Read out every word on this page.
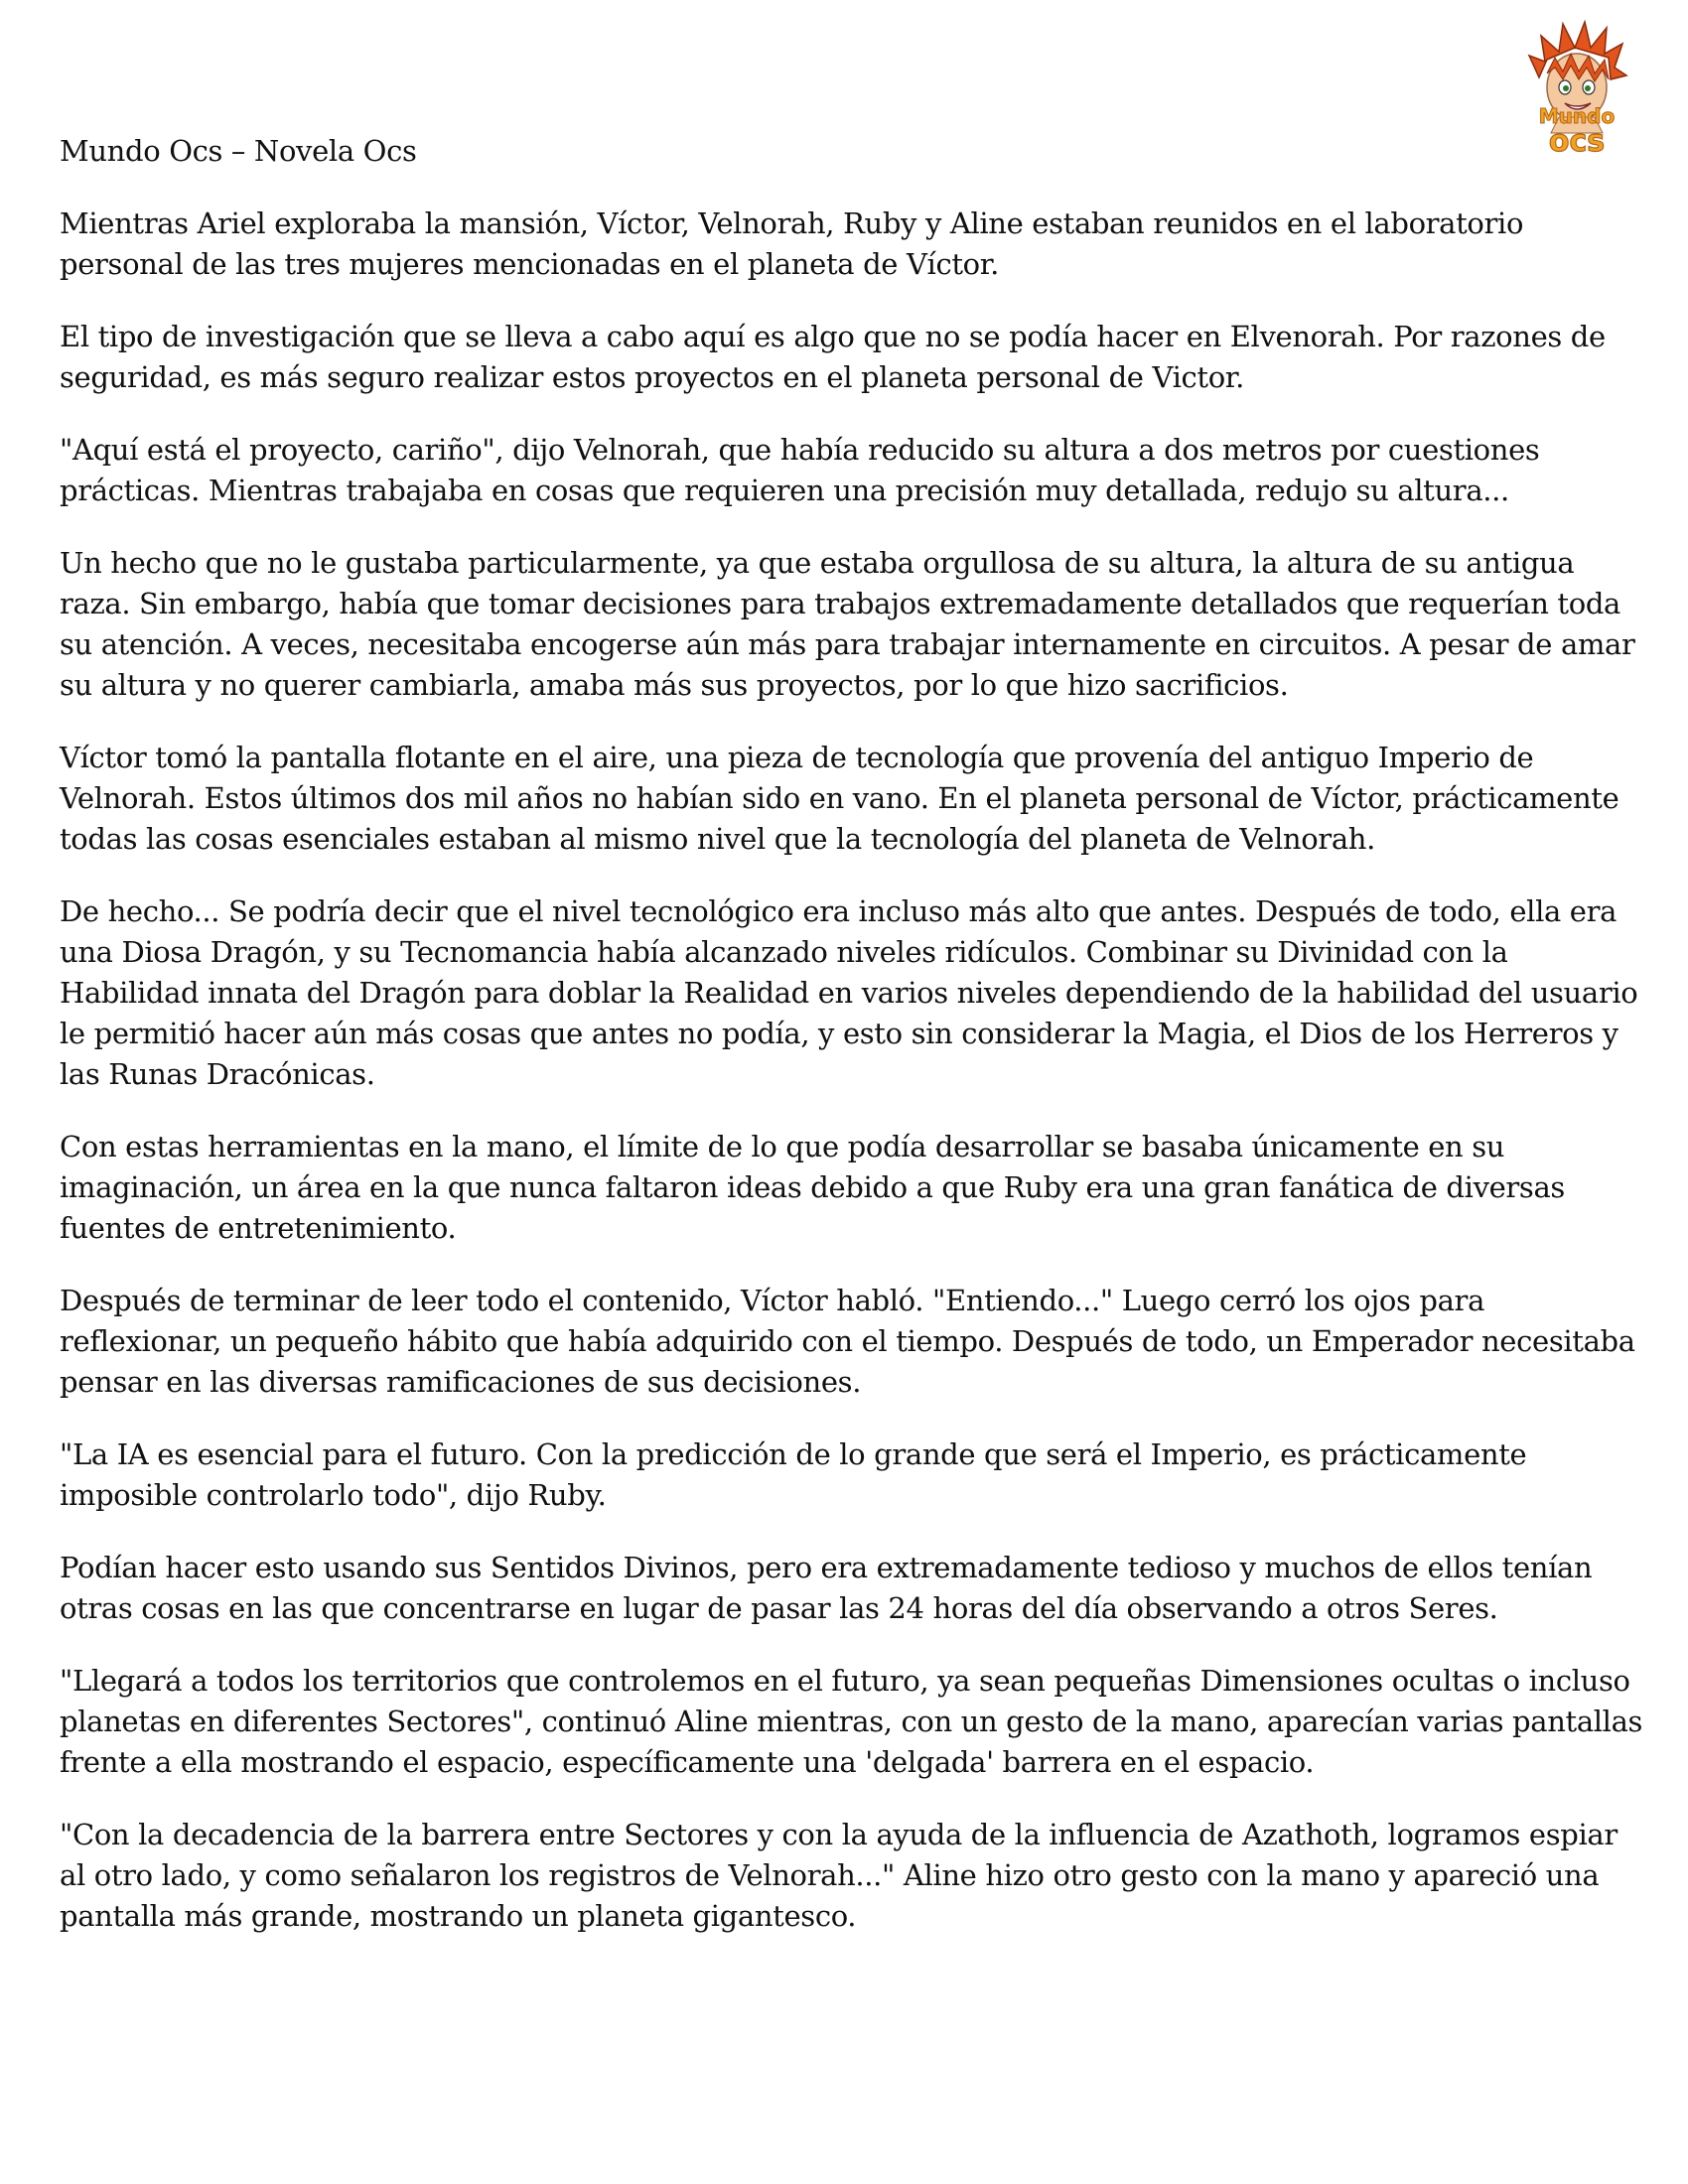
Mundo
ocs
Mundo Ocs – Novela Ocs

Mientras Ariel exploraba la mansión, Víctor, Velnorah, Ruby y Aline estaban reunidos en el laboratorio personal de las tres mujeres mencionadas en el planeta de Víctor.

El tipo de investigación que se lleva a cabo aquí es algo que no se podía hacer en Elvenorah. Por razones de seguridad, es más seguro realizar estos proyectos en el planeta personal de Victor.

"Aquí está el proyecto, cariño", dijo Velnorah, que había reducido su altura a dos metros por cuestiones prácticas. Mientras trabajaba en cosas que requieren una precisión muy detallada, redujo su altura...

Un hecho que no le gustaba particularmente, ya que estaba orgullosa de su altura, la altura de su antigua raza. Sin embargo, había que tomar decisiones para trabajos extremadamente detallados que requerían toda su atención. A veces, necesitaba encogerse aún más para trabajar internamente en circuitos. A pesar de amar su altura y no querer cambiarla, amaba más sus proyectos, por lo que hizo sacrificios.

Víctor tomó la pantalla flotante en el aire, una pieza de tecnología que provenía del antiguo Imperio de Velnorah. Estos últimos dos mil años no habían sido en vano. En el planeta personal de Víctor, prácticamente todas las cosas esenciales estaban al mismo nivel que la tecnología del planeta de Velnorah.

De hecho... Se podría decir que el nivel tecnológico era incluso más alto que antes. Después de todo, ella era una Diosa Dragón, y su Tecnomancia había alcanzado niveles ridículos. Combinar su Divinidad con la Habilidad innata del Dragón para doblar la Realidad en varios niveles dependiendo de la habilidad del usuario le permitió hacer aún más cosas que antes no podía, y esto sin considerar la Magia, el Dios de los Herreros y las Runas Dracónicas.

Con estas herramientas en la mano, el límite de lo que podía desarrollar se basaba únicamente en su imaginación, un área en la que nunca faltaron ideas debido a que Ruby era una gran fanática de diversas fuentes de entretenimiento.

Después de terminar de leer todo el contenido, Víctor habló. "Entiendo..." Luego cerró los ojos para reflexionar, un pequeño hábito que había adquirido con el tiempo. Después de todo, un Emperador necesitaba pensar en las diversas ramificaciones de sus decisiones.

"La IA es esencial para el futuro. Con la predicción de lo grande que será el Imperio, es prácticamente imposible controlarlo todo", dijo Ruby.

Podían hacer esto usando sus Sentidos Divinos, pero era extremadamente tedioso y muchos de ellos tenían otras cosas en las que concentrarse en lugar de pasar las 24 horas del día observando a otros Seres.

"Llegará a todos los territorios que controlemos en el futuro, ya sean pequeñas Dimensiones ocultas o incluso planetas en diferentes Sectores", continuó Aline mientras, con un gesto de la mano, aparecían varias pantallas frente a ella mostrando el espacio, específicamente una 'delgada' barrera en el espacio.

"Con la decadencia de la barrera entre Sectores y con la ayuda de la influencia de Azathoth, logramos espiar al otro lado, y como señalaron los registros de Velnorah..." Aline hizo otro gesto con la mano y apareció una pantalla más grande, mostrando un planeta gigantesco.
